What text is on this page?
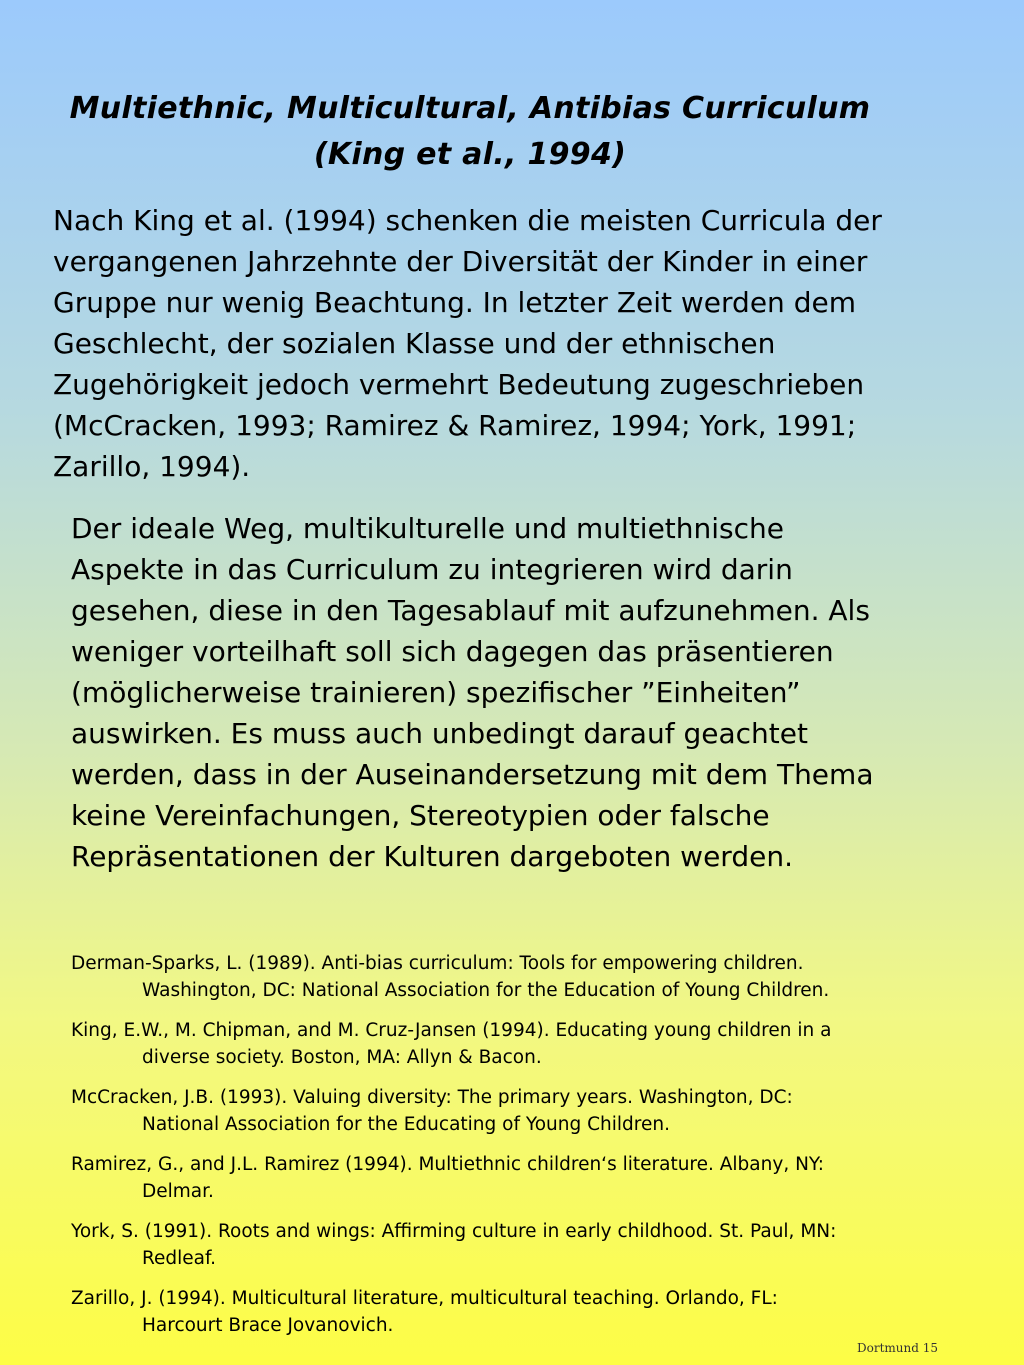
Multiethnic, Multicultural, Antibias Curriculum
(King et al., 1994)

Nach King et al. (1994) schenken die meisten Curricula der
vergangenen Jahrzehnte der Diversität der Kinder in einer
Gruppe nur wenig Beachtung. In letzter Zeit werden dem
Geschlecht, der sozialen Klasse und der ethnischen
Zugehörigkeit jedoch vermehrt Bedeutung zugeschrieben
(McCracken, 1993; Ramirez & Ramirez, 1994; York, 1991;
Zarillo, 1994).

Der ideale Weg, multikulturelle und multiethnische
Aspekte in das Curriculum zu integrieren wird darin
gesehen, diese in den Tagesablauf mit aufzunehmen. Als
weniger vorteilhaft soll sich dagegen das präsentieren
(möglicherweise trainieren) spezifischer ”Einheiten”
auswirken. Es muss auch unbedingt darauf geachtet
werden, dass in der Auseinandersetzung mit dem Thema
keine Vereinfachungen, Stereotypien oder falsche
Repräsentationen der Kulturen dargeboten werden.

Derman-Sparks, L. (1989). Anti-bias curriculum: Tools for empowering children.
Washington, DC: National Association for the Education of Young Children.
King, E.W., M. Chipman, and M. Cruz-Jansen (1994). Educating young children in a
diverse society. Boston, MA: Allyn & Bacon.
McCracken, J.B. (1993). Valuing diversity: The primary years. Washington, DC:
National Association for the Educating of Young Children.
Ramirez, G., and J.L. Ramirez (1994). Multiethnic children‘s literature. Albany, NY:
Delmar.
York, S. (1991). Roots and wings: Affirming culture in early childhood. St. Paul, MN:
Redleaf.
Zarillo, J. (1994). Multicultural literature, multicultural teaching. Orlando, FL:
Harcourt Brace Jovanovich.
Dortmund 15
